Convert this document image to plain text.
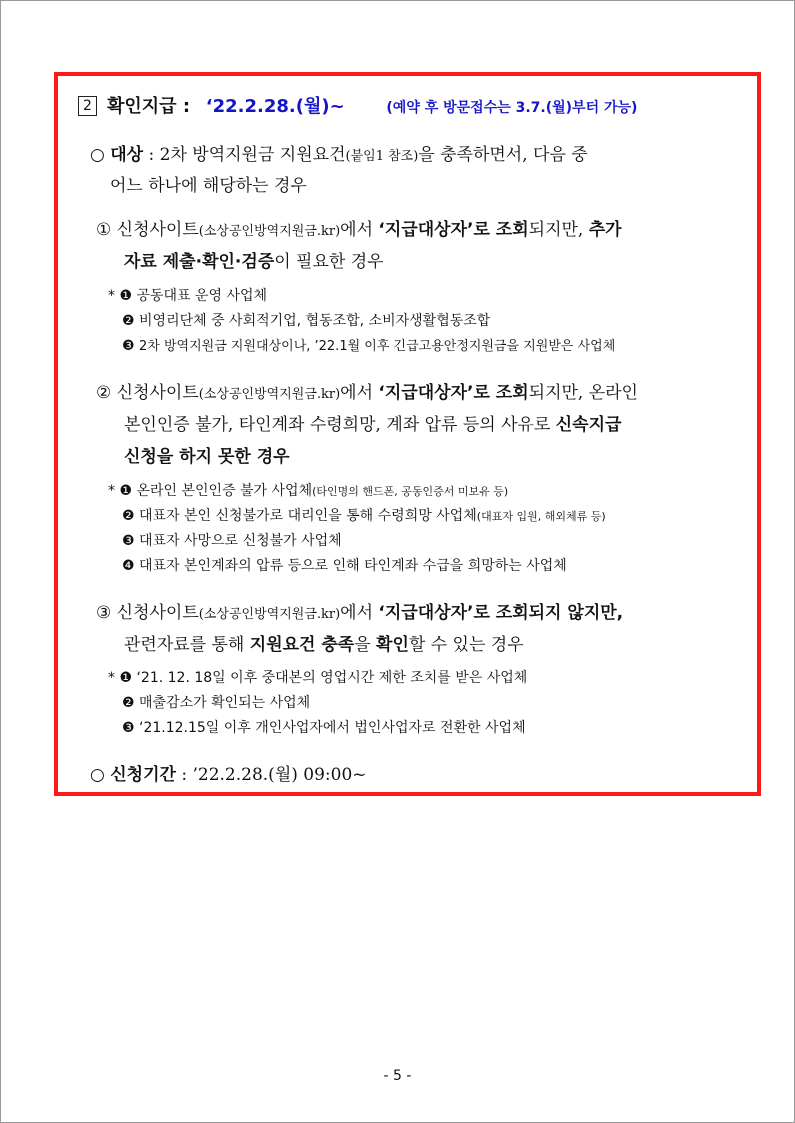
2 확인지급 : ‘22.2.28.(월)~	(예약 후 방문접수는 3.7.(월)부터 가능)
○ 대상 : 2차 방역지원금 지원요건(붙임1 참조)을 충족하면서, 다음 중
어느 하나에 해당하는 경우
① 신청사이트(소상공인방역지원금.kr)에서 ‘지급대상자’로 조회되지만, 추가
자료 제출·확인·검증이 필요한 경우
* ❶ 공동대표 운영 사업체
❷ 비영리단체 중 사회적기업, 협동조합, 소비자생활협동조합
❸ 2차 방역지원금 지원대상이나, ’22.1월 이후 긴급고용안정지원금을 지원받은 사업체
② 신청사이트(소상공인방역지원금.kr)에서 ‘지급대상자’로 조회되지만, 온라인
본인인증 불가, 타인계좌 수령희망, 계좌 압류 등의 사유로 신속지급
신청을 하지 못한 경우
* ❶ 온라인 본인인증 불가 사업체(타인명의 핸드폰, 공동인증서 미보유 등)
❷ 대표자 본인 신청불가로 대리인을 통해 수령희망 사업체(대표자 입원, 해외체류 등)
❸ 대표자 사망으로 신청불가 사업체
❹ 대표자 본인계좌의 압류 등으로 인해 타인계좌 수급을 희망하는 사업체
③ 신청사이트(소상공인방역지원금.kr)에서 ‘지급대상자’로 조회되지 않지만,
관련자료를 통해 지원요건 충족을 확인할 수 있는 경우
* ❶ ‘21. 12. 18일 이후 중대본의 영업시간 제한 조치를 받은 사업체
❷ 매출감소가 확인되는 사업체
❸ ‘21.12.15일 이후 개인사업자에서 법인사업자로 전환한 사업체
○ 신청기간 : ’22.2.28.(월) 09:00~
- 5 -
